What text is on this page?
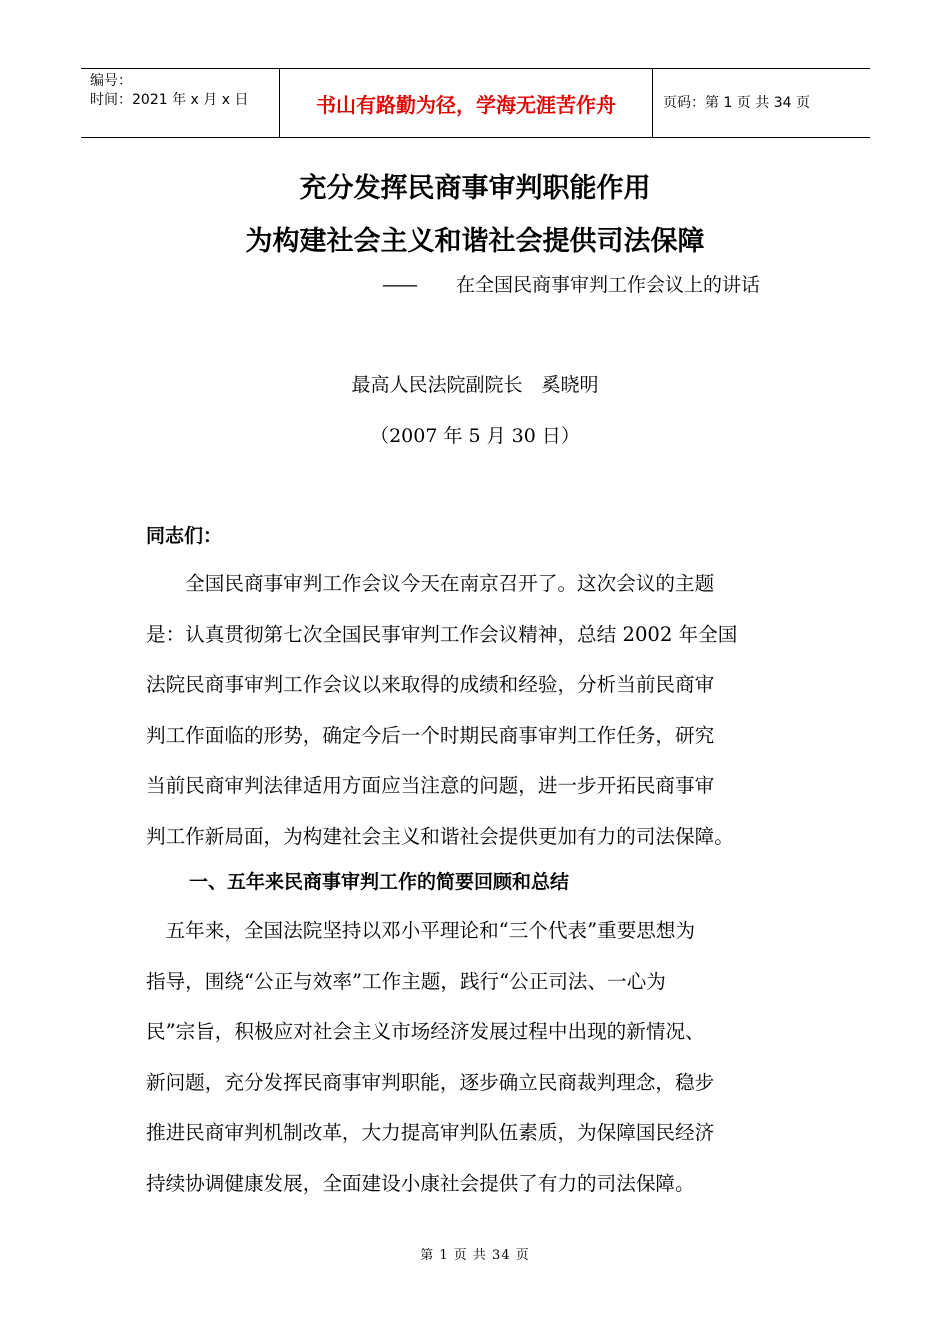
编号：
时间：2021 年 x 月 x 日	书山有路勤为径，学海无涯苦作舟	页码：第 1 页 共 34 页
充分发挥民商事审判职能作用
为构建社会主义和谐社会提供司法保障
—— 在全国民商事审判工作会议上的讲话
最高人民法院副院长　奚晓明
（2007 年 5 月 30 日）
同志们：
　　全国民商事审判工作会议今天在南京召开了。这次会议的主题
是：认真贯彻第七次全国民事审判工作会议精神，总结 2002 年全国
法院民商事审判工作会议以来取得的成绩和经验，分析当前民商审
判工作面临的形势，确定今后一个时期民商事审判工作任务，研究
当前民商审判法律适用方面应当注意的问题，进一步开拓民商事审
判工作新局面，为构建社会主义和谐社会提供更加有力的司法保障。
一、五年来民商事审判工作的简要回顾和总结
　五年来，全国法院坚持以邓小平理论和“三个代表”重要思想为
指导，围绕“公正与效率”工作主题，践行“公正司法、一心为
民”宗旨，积极应对社会主义市场经济发展过程中出现的新情况、
新问题，充分发挥民商事审判职能，逐步确立民商裁判理念，稳步
推进民商审判机制改革，大力提高审判队伍素质，为保障国民经济
持续协调健康发展，全面建设小康社会提供了有力的司法保障。
第 1 页 共 34 页
